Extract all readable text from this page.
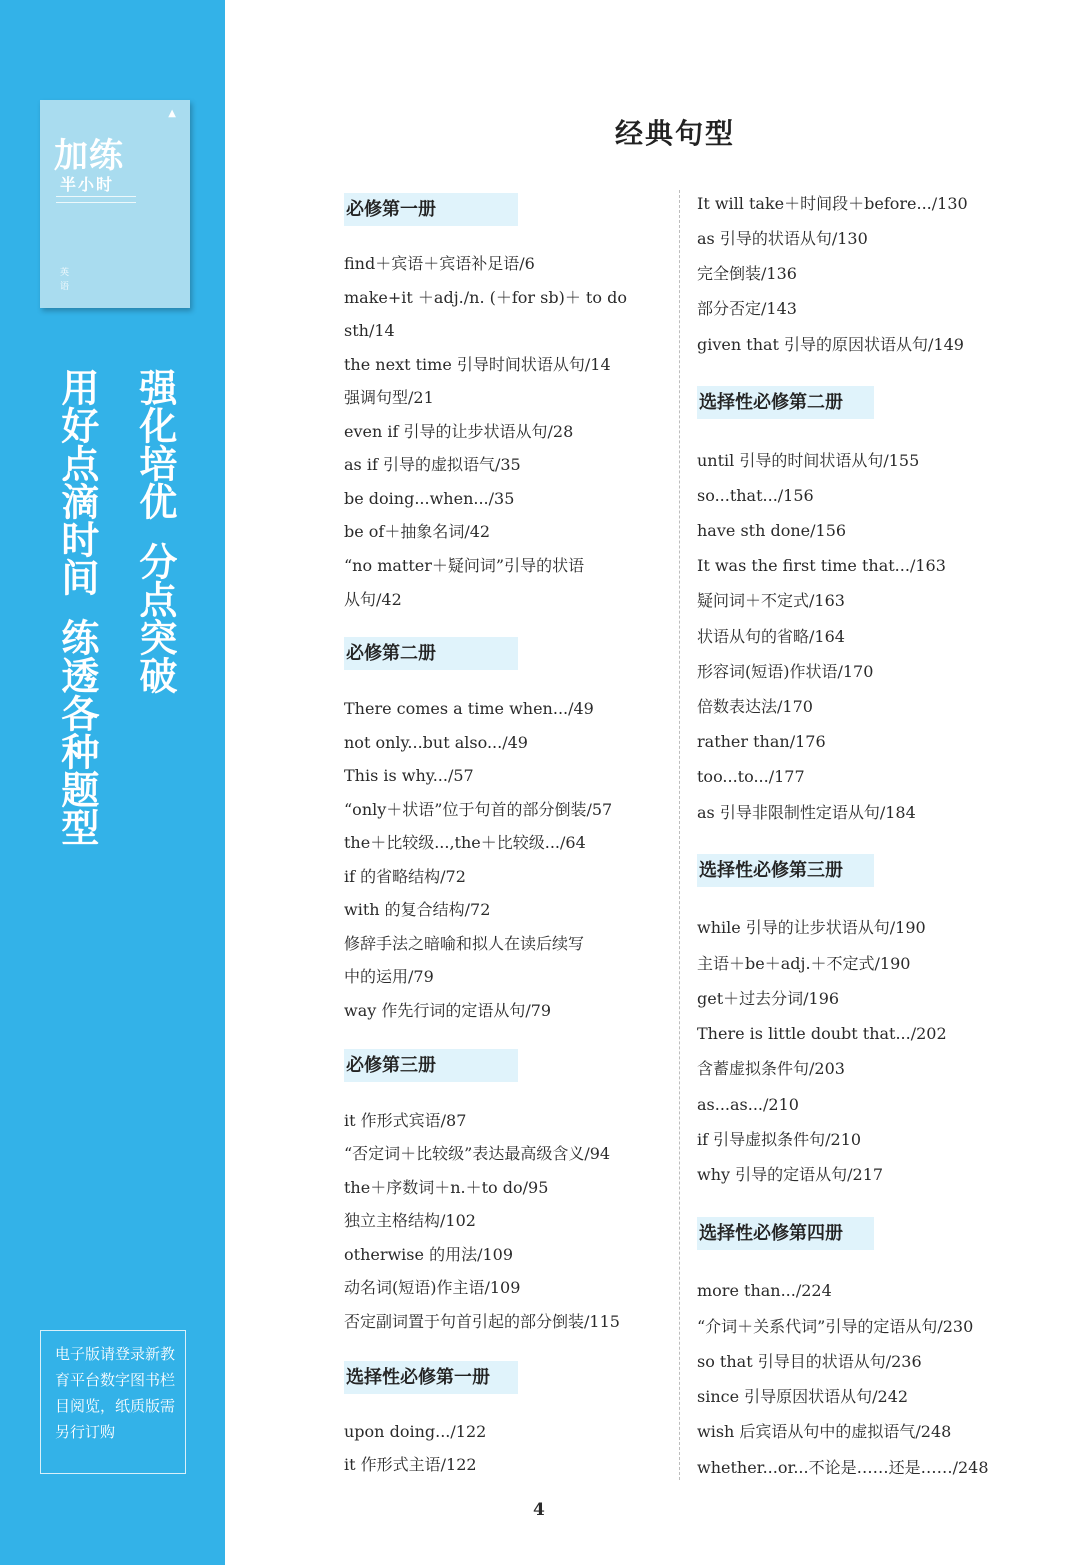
▲
加练
半小时
英语
强化培优分点突破
用好点滴时间练透各种题型
电子版请登录新教育平台数字图书栏目阅览，纸质版需另行订购
经典句型
必修第一册
find＋宾语＋宾语补足语/6
make+it ＋adj./n. (＋for sb)＋ to do
sth/14
the next time 引导时间状语从句/14
强调句型/21
even if 引导的让步状语从句/28
as if 引导的虚拟语气/35
be doing...when.../35
be of＋抽象名词/42
“no matter＋疑问词”引导的状语
从句/42
必修第二册
There comes a time when.../49
not only...but also.../49
This is why.../57
“only＋状语”位于句首的部分倒装/57
the＋比较级...,the＋比较级.../64
if 的省略结构/72
with 的复合结构/72
修辞手法之暗喻和拟人在读后续写
中的运用/79
way 作先行词的定语从句/79
必修第三册
it 作形式宾语/87
“否定词＋比较级”表达最高级含义/94
the＋序数词＋n.＋to do/95
独立主格结构/102
otherwise 的用法/109
动名词(短语)作主语/109
否定副词置于句首引起的部分倒装/115
选择性必修第一册
upon doing.../122
it 作形式主语/122
It will take＋时间段＋before.../130
as 引导的状语从句/130
完全倒装/136
部分否定/143
given that 引导的原因状语从句/149
选择性必修第二册
until 引导的时间状语从句/155
so...that.../156
have sth done/156
It was the first time that.../163
疑问词＋不定式/163
状语从句的省略/164
形容词(短语)作状语/170
倍数表达法/170
rather than/176
too...to.../177
as 引导非限制性定语从句/184
选择性必修第三册
while 引导的让步状语从句/190
主语＋be＋adj.＋不定式/190
get＋过去分词/196
There is little doubt that.../202
含蓄虚拟条件句/203
as...as.../210
if 引导虚拟条件句/210
why 引导的定语从句/217
选择性必修第四册
more than.../224
“介词＋关系代词”引导的定语从句/230
so that 引导目的状语从句/236
since 引导原因状语从句/242
wish 后宾语从句中的虚拟语气/248
whether...or...不论是……还是……/248
4
